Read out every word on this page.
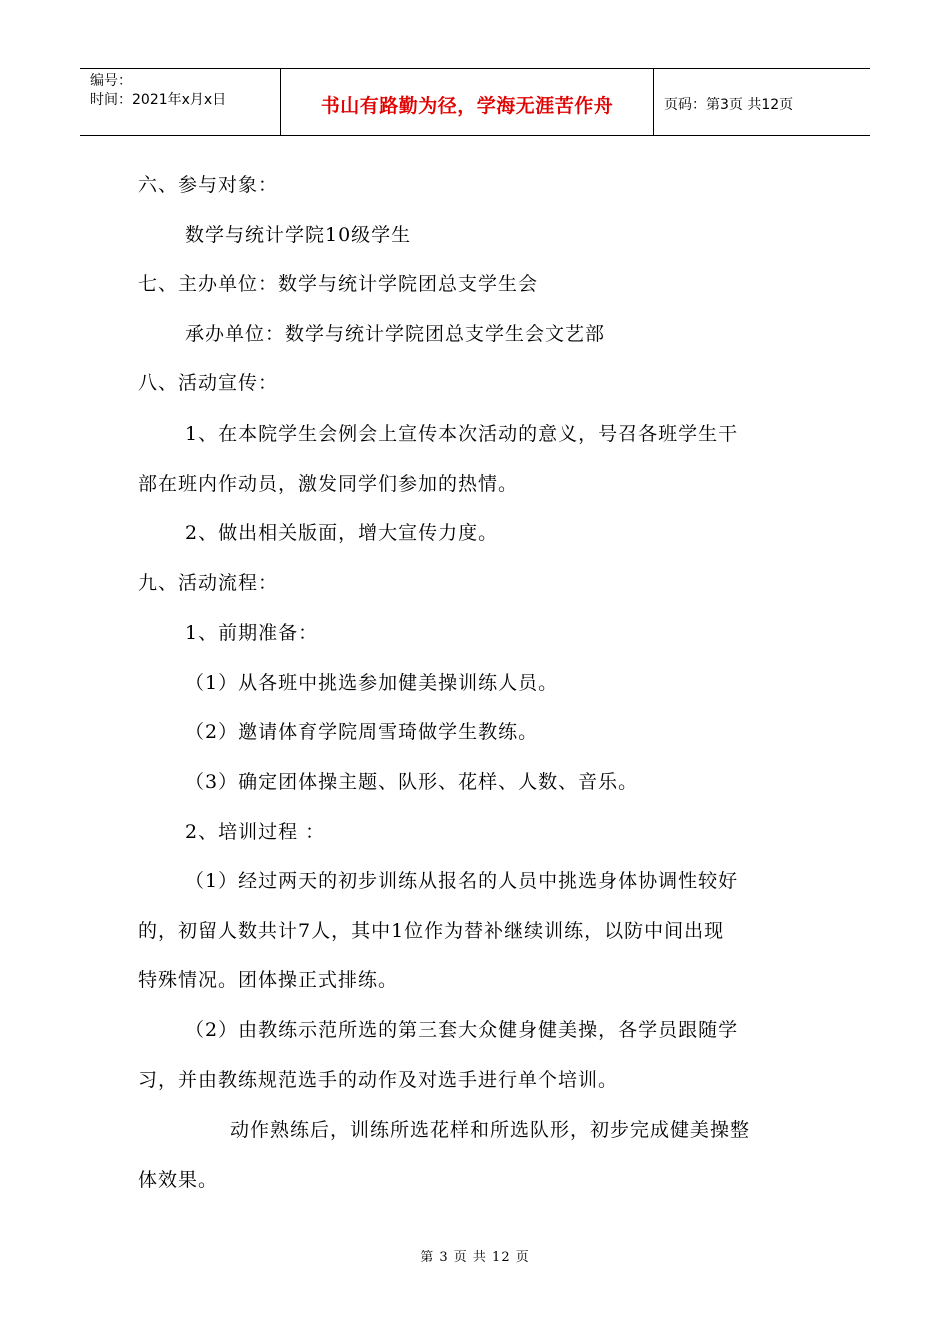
编号：
时间：2021年x月x日	书山有路勤为径，学海无涯苦作舟	页码：第3页 共12页
六、参与对象：
数学与统计学院10级学生
七、主办单位：数学与统计学院团总支学生会
承办单位：数学与统计学院团总支学生会文艺部
八、活动宣传：
1、在本院学生会例会上宣传本次活动的意义，号召各班学生干
部在班内作动员，激发同学们参加的热情。
2、做出相关版面，增大宣传力度。
九、活动流程：
1、前期准备：
（1）从各班中挑选参加健美操训练人员。
（2）邀请体育学院周雪琦做学生教练。
（3）确定团体操主题、队形、花样、人数、音乐。
2、培训过程 ：
（1）经过两天的初步训练从报名的人员中挑选身体协调性较好
的，初留人数共计7人，其中1位作为替补继续训练，以防中间出现
特殊情况。团体操正式排练。
（2）由教练示范所选的第三套大众健身健美操，各学员跟随学
习，并由教练规范选手的动作及对选手进行单个培训。
动作熟练后，训练所选花样和所选队形，初步完成健美操整
体效果。
第 3 页 共 12 页
